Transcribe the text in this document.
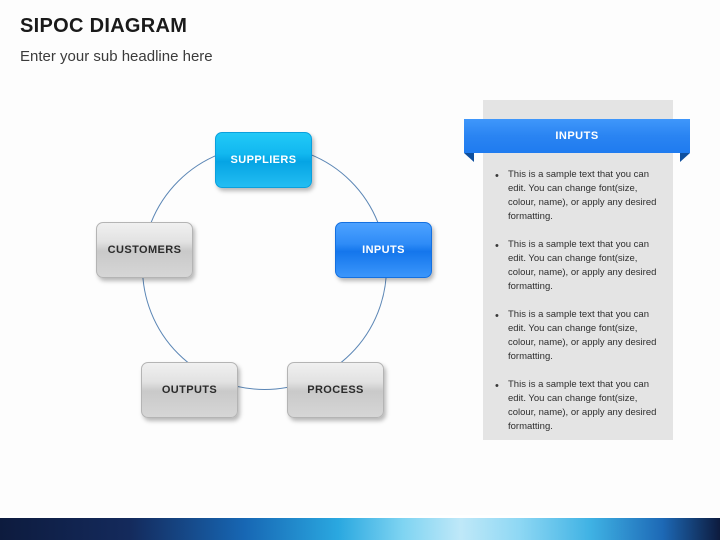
SIPOC DIAGRAM
Enter your sub headline here
SUPPLIERS
INPUTS
PROCESS
OUTPUTS
CUSTOMERS
INPUTS
• This is a sample text that you can edit. You can change font(size, colour, name), or apply any desired formatting.
• This is a sample text that you can edit. You can change font(size, colour, name), or apply any desired formatting.
• This is a sample text that you can edit. You can change font(size, colour, name), or apply any desired formatting.
• This is a sample text that you can edit. You can change font(size, colour, name), or apply any desired formatting.
